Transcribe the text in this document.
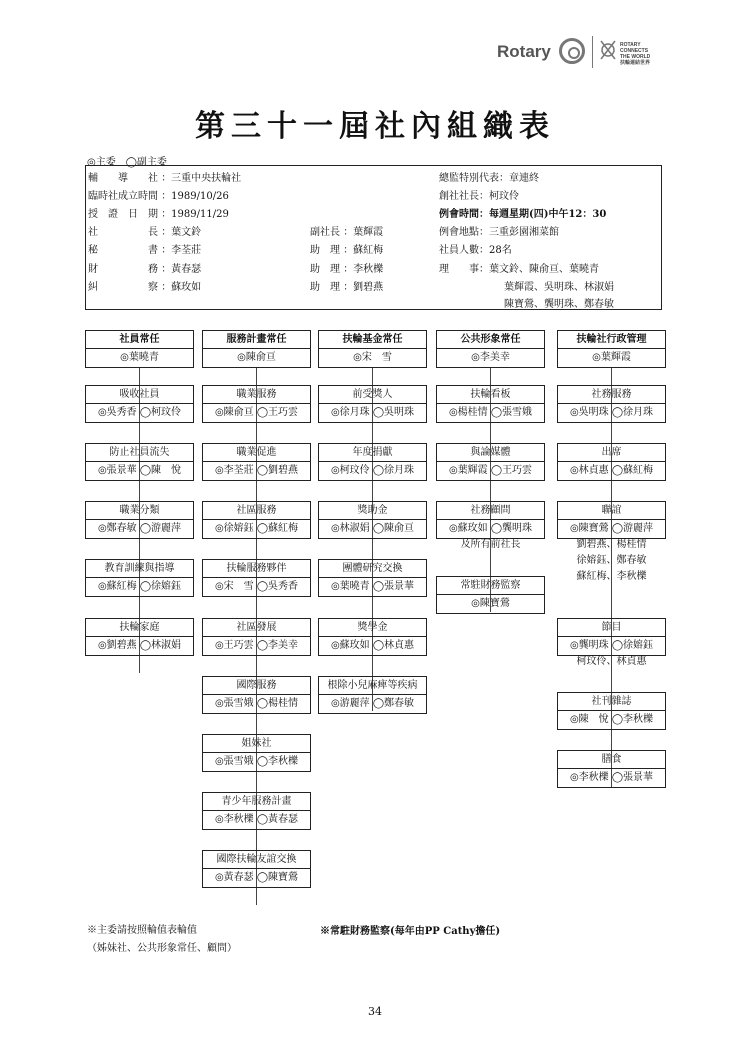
Rotary	ROTARY
CONNECTS
THE WORLD
扶輪連結世界
第三十一屆社內組織表
◎主委　◯副主委
輔　　導　　社 ：三重中央扶輪社
臨時社成立時間 ：1989/10/26
授　證　日　期 ：1989/11/29
社　　　　　長 ：葉文鈴
秘　　　　　書 ：李荃莊
財　　　　　務 ：黃春瑟
糾　　　　　察 ：蘇玫如
副社長 ：葉輝霞
助　理 ：蘇紅梅
助　理 ：李秋櫟
助　理 ：劉碧燕
總監特別代表：章連終
創社社長：柯玟伶
例會時間：每週星期(四)中午12：30
例會地點：三重彭園湘菜館
社員人數：28名
理　　事：葉文鈴、陳俞亘、葉曉青
葉輝霞、吳明珠、林淑娟
陳寶鶯、龔明珠、鄭春敏
社員常任
◎葉曉青
吸收社員
◎吳秀香 ◯柯玟伶
防止社員流失
◎張景華 ◯陳　悅
職業分類
◎鄭春敏 ◯游麗萍
教育訓練與指導
◎蘇紅梅 ◯徐嫆鈺
扶輪家庭
◎劉碧燕 ◯林淑娟
服務計畫常任
◎陳俞亘
職業服務
◎陳俞亘 ◯王巧雲
職業促進
◎李荃莊 ◯劉碧燕
社區服務
◎徐嫆鈺 ◯蘇紅梅
扶輪服務夥伴
◎宋　雪 ◯吳秀香
社區發展
◎王巧雲 ◯李美幸
國際服務
◎張雪娥 ◯楊桂情
姐妹社
◎張雪娥 ◯李秋櫟
青少年服務計畫
◎李秋櫟 ◯黃春瑟
國際扶輪友誼交換
◎黃春瑟 ◯陳寶鶯
扶輪基金常任
◎宋　雪
前受獎人
◎徐月珠 ◯吳明珠
年度捐獻
◎柯玟伶 ◯徐月珠
獎助金
◎林淑娟 ◯陳俞亘
團體研究交換
◎葉曉青 ◯張景華
獎學金
◎蘇玫如 ◯林貞惠
根除小兒麻痺等疾病
◎游麗萍 ◯鄭春敏
公共形象常任
◎李美幸
扶輪看板
◎楊桂情 ◯張雪娥
與論媒體
◎葉輝霞 ◯王巧雲
社務顧問
◎蘇玫如 ◯龔明珠
及所有前社長
常駐財務監察
◎陳寶鶯
扶輪社行政管理
◎葉輝霞
社務服務
◎吳明珠 ◯徐月珠
出席
◎林貞惠 ◯蘇紅梅
聯誼
◎陳寶鶯 ◯游麗萍
劉碧燕、楊桂情
徐嫆鈺、鄭春敏
蘇紅梅、李秋櫟
節目
◎龔明珠 ◯徐嫆鈺
柯玟伶、林貞惠
社刊雜誌
◎陳　悅 ◯李秋櫟
膳食
◎李秋櫟 ◯張景華
※主委請按照輪值表輪值
（姊妹社、公共形象常任、顧問）
※常駐財務監察(每年由PP Cathy擔任)
34
